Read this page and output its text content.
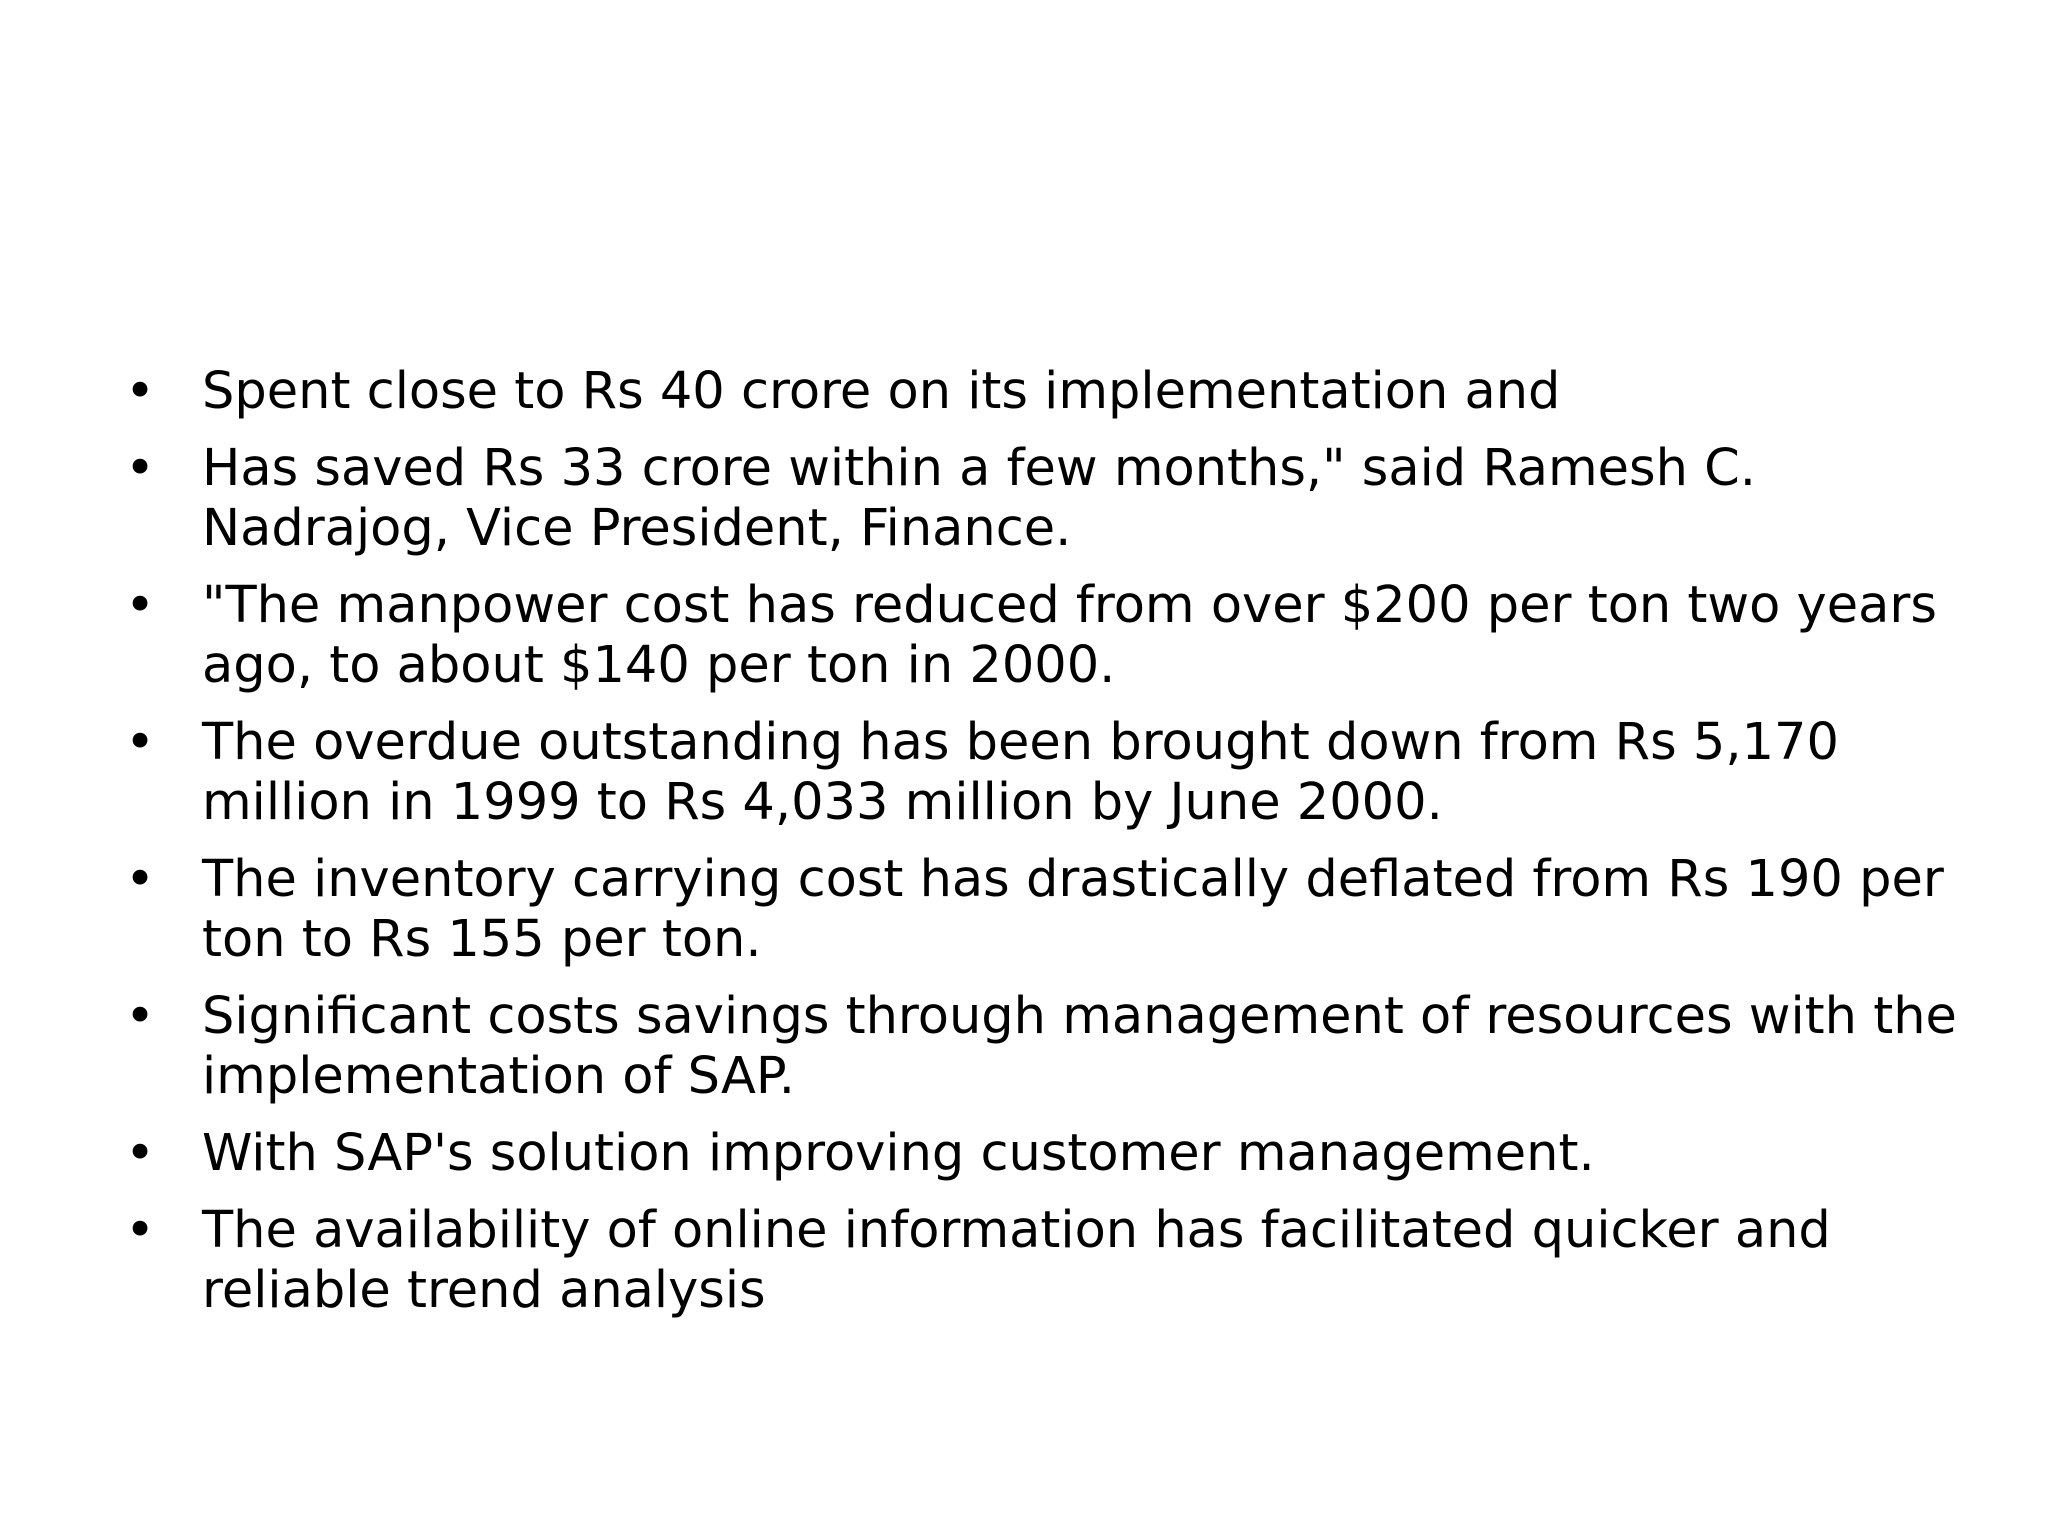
• Spent close to Rs 40 crore on its implementation and
• Has saved Rs 33 crore within a few months," said Ramesh C. Nadrajog, Vice President, Finance.
• "The manpower cost has reduced from over $200 per ton two years ago, to about $140 per ton in 2000.
• The overdue outstanding has been brought down from Rs 5,170 million in 1999 to Rs 4,033 million by June 2000.
• The inventory carrying cost has drastically deflated from Rs 190 per ton to Rs 155 per ton.
• Significant costs savings through management of resources with the implementation of SAP.
• With SAP's solution improving customer management.
• The availability of online information has facilitated quicker and reliable trend analysis
